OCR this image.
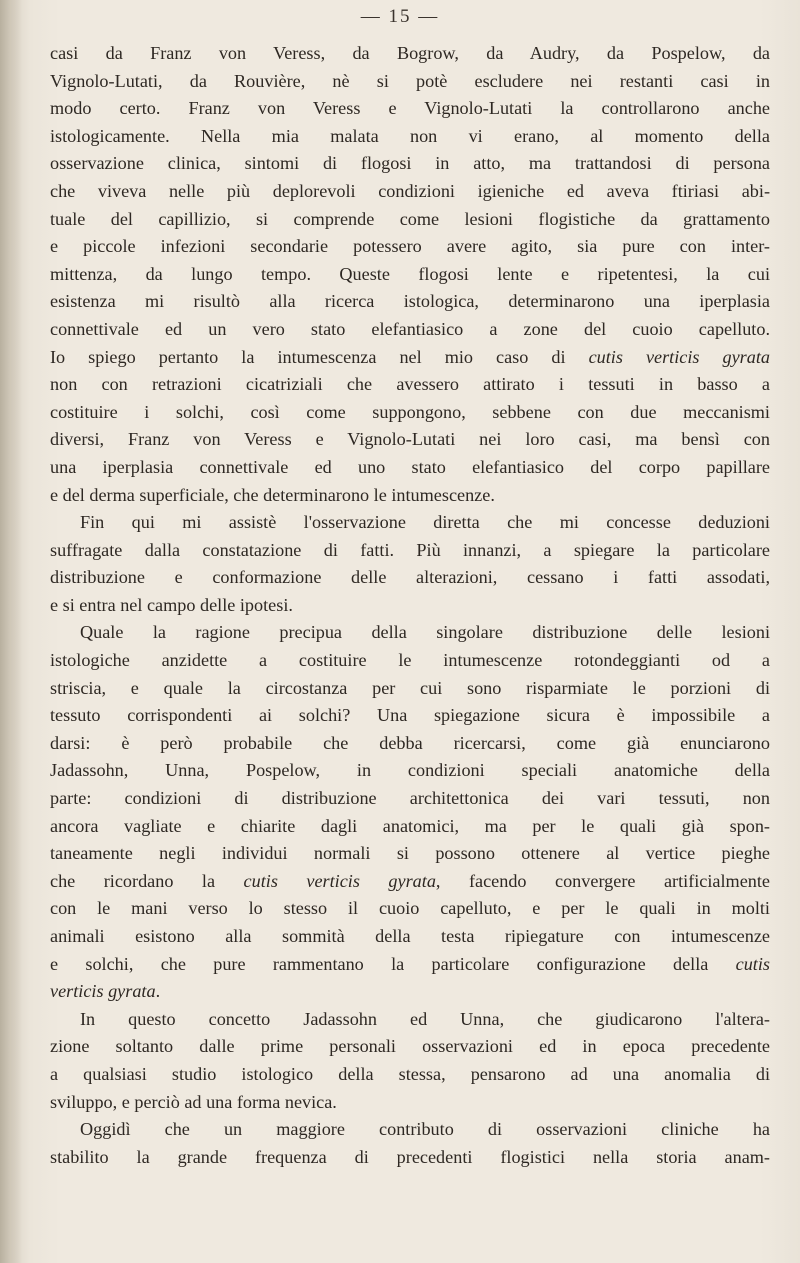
— 15 —
casi da Franz von Veress, da Bogrow, da Audry, da Pospelow, da
Vignolo-Lutati, da Rouvière, nè si potè escludere nei restanti casi in
modo certo. Franz von Veress e Vignolo-Lutati la controllarono anche
istologicamente. Nella mia malata non vi erano, al momento della
osservazione clinica, sintomi di flogosi in atto, ma trattandosi di persona
che viveva nelle più deplorevoli condizioni igieniche ed aveva ftiriasi abi-
tuale del capillizio, si comprende come lesioni flogistiche da grattamento
e piccole infezioni secondarie potessero avere agito, sia pure con inter-
mittenza, da lungo tempo. Queste flogosi lente e ripetentesi, la cui
esistenza mi risultò alla ricerca istologica, determinarono una iperplasia
connettivale ed un vero stato elefantiasico a zone del cuoio capelluto.
Io spiego pertanto la intumescenza nel mio caso di cutis verticis gyrata
non con retrazioni cicatriziali che avessero attirato i tessuti in basso a
costituire i solchi, così come suppongono, sebbene con due meccanismi
diversi, Franz von Veress e Vignolo-Lutati nei loro casi, ma bensì con
una iperplasia connettivale ed uno stato elefantiasico del corpo papillare
e del derma superficiale, che determinarono le intumescenze.
Fin qui mi assistè l'osservazione diretta che mi concesse deduzioni
suffragate dalla constatazione di fatti. Più innanzi, a spiegare la particolare
distribuzione e conformazione delle alterazioni, cessano i fatti assodati,
e si entra nel campo delle ipotesi.
Quale la ragione precipua della singolare distribuzione delle lesioni
istologiche anzidette a costituire le intumescenze rotondeggianti od a
striscia, e quale la circostanza per cui sono risparmiate le porzioni di
tessuto corrispondenti ai solchi? Una spiegazione sicura è impossibile a
darsi: è però probabile che debba ricercarsi, come già enunciarono
Jadassohn, Unna, Pospelow, in condizioni speciali anatomiche della
parte: condizioni di distribuzione architettonica dei vari tessuti, non
ancora vagliate e chiarite dagli anatomici, ma per le quali già spon-
taneamente negli individui normali si possono ottenere al vertice pieghe
che ricordano la cutis verticis gyrata, facendo convergere artificialmente
con le mani verso lo stesso il cuoio capelluto, e per le quali in molti
animali esistono alla sommità della testa ripiegature con intumescenze
e solchi, che pure rammentano la particolare configurazione della cutis
verticis gyrata.
In questo concetto Jadassohn ed Unna, che giudicarono l'altera-
zione soltanto dalle prime personali osservazioni ed in epoca precedente
a qualsiasi studio istologico della stessa, pensarono ad una anomalia di
sviluppo, e perciò ad una forma nevica.
Oggidì che un maggiore contributo di osservazioni cliniche ha
stabilito la grande frequenza di precedenti flogistici nella storia anam-
